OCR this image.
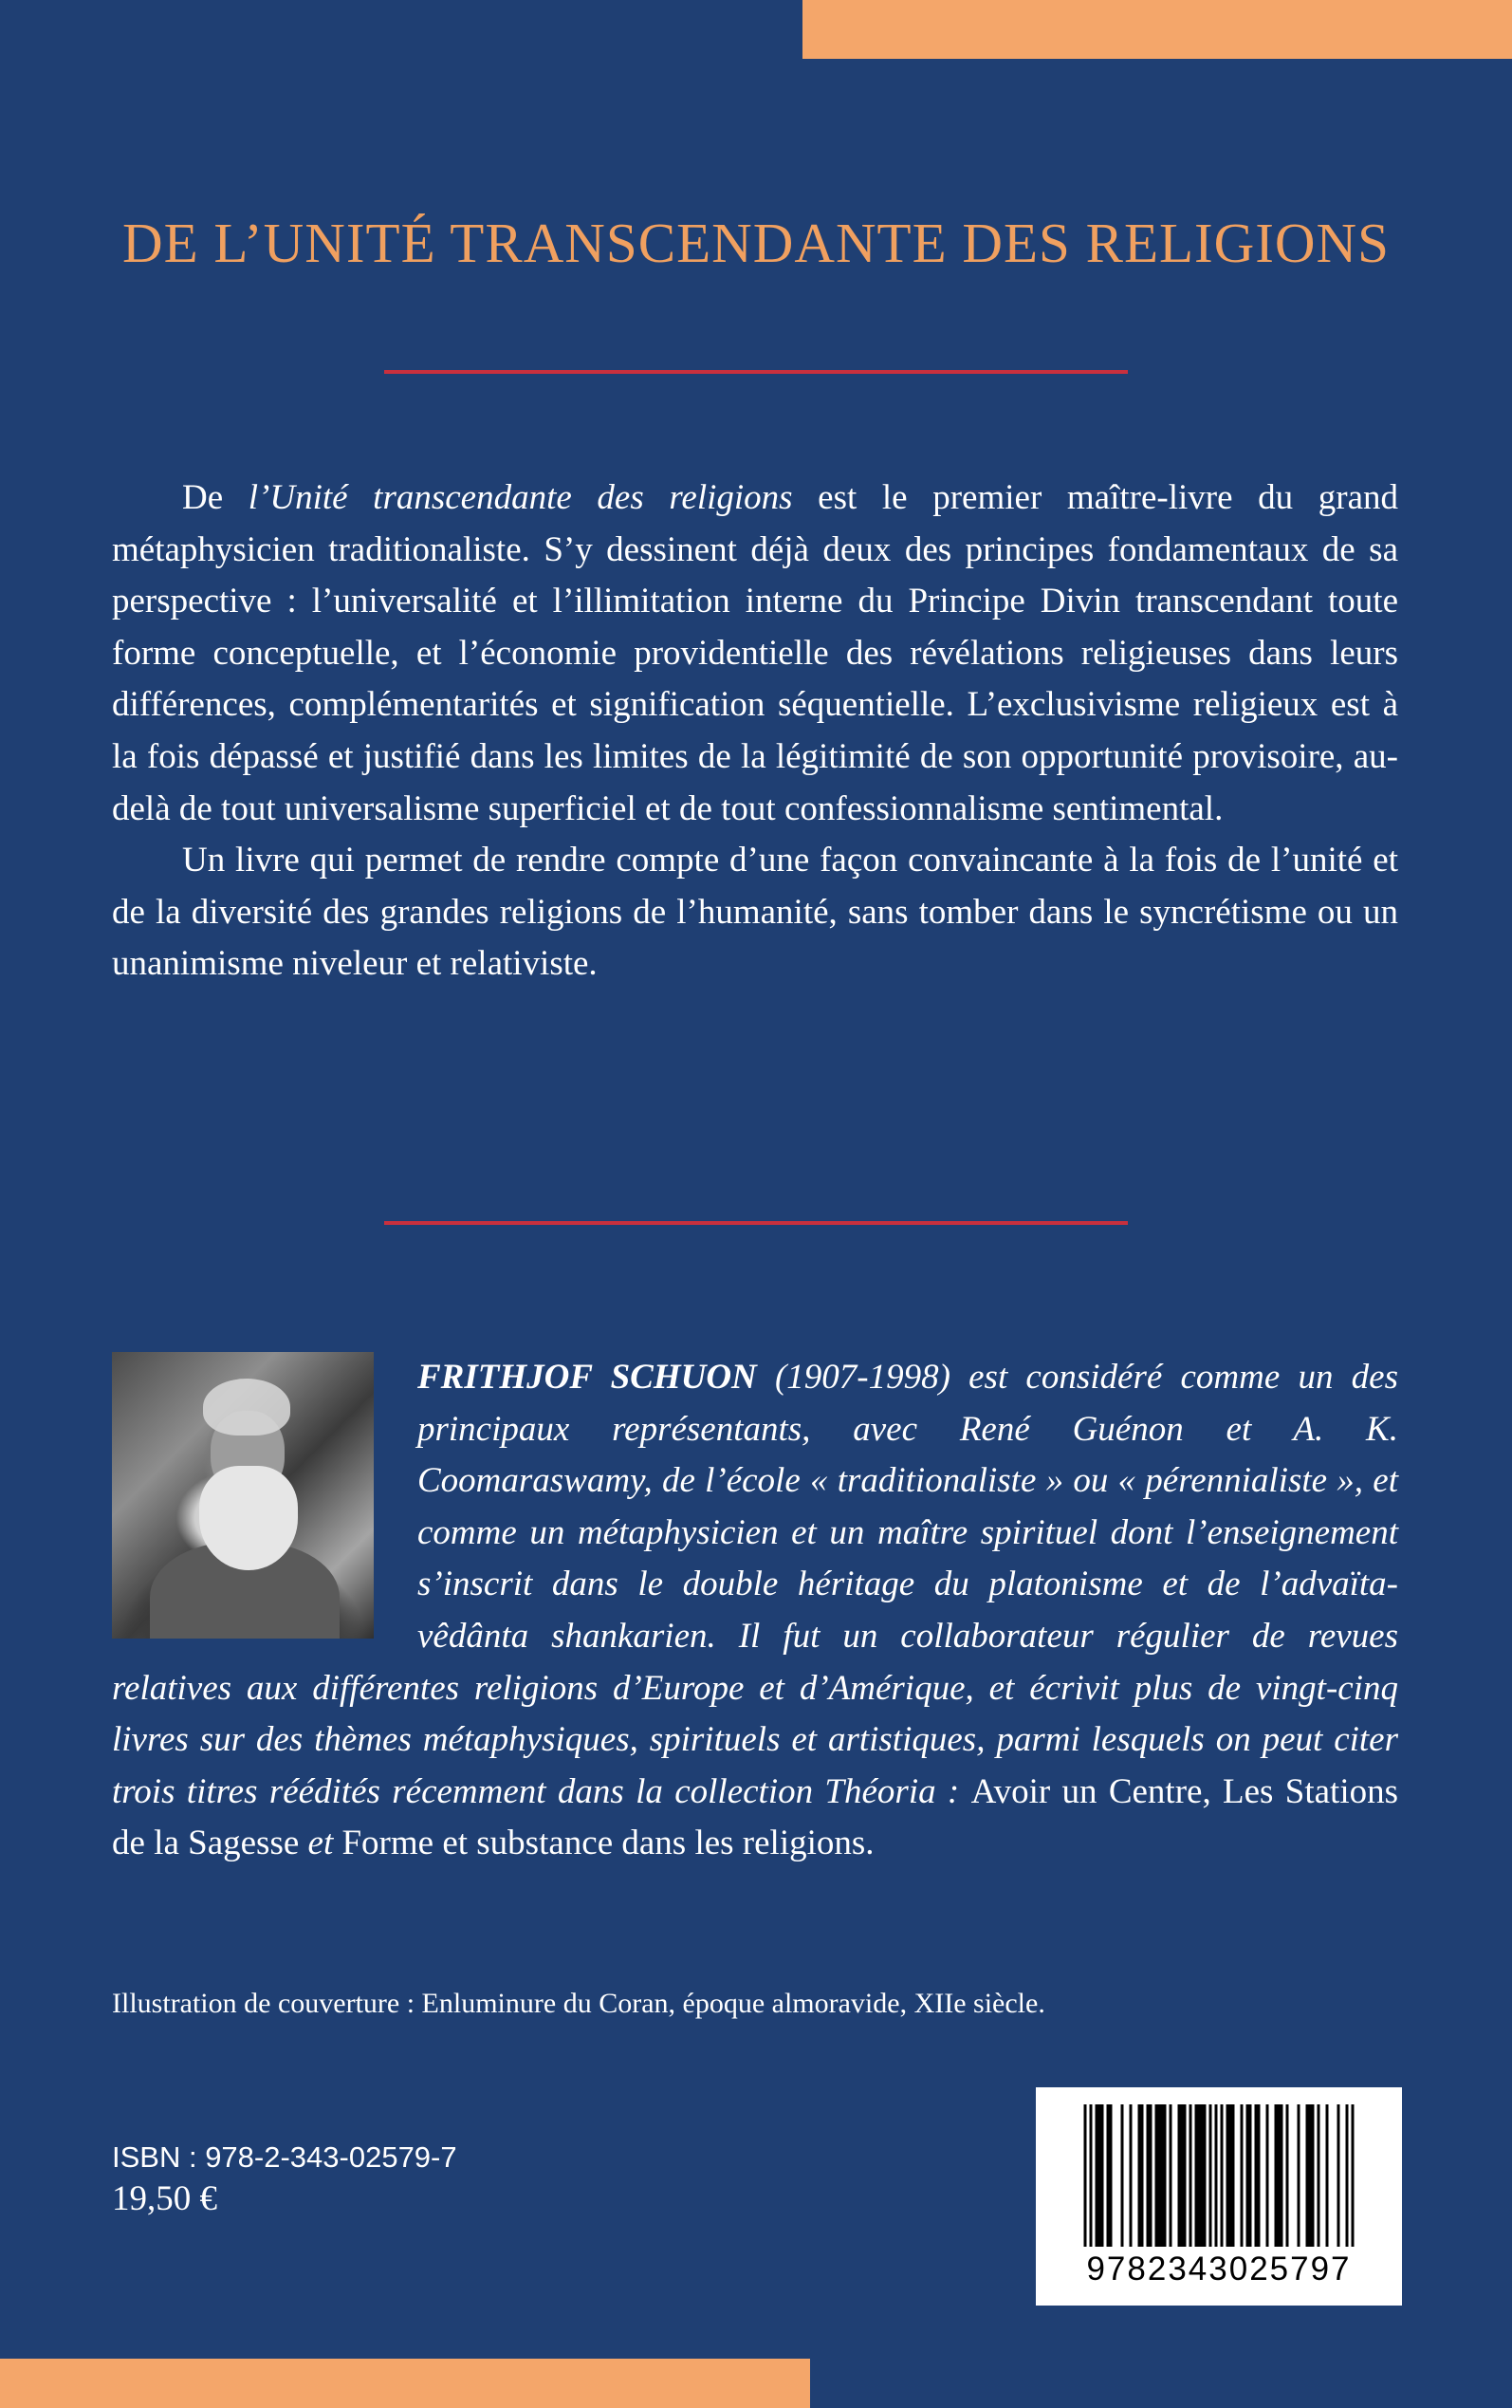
DE L’UNITÉ TRANSCENDANTE DES RELIGIONS

De l’Unité transcendante des religions est le premier maître-livre du grand métaphysicien traditionaliste. S’y dessinent déjà deux des principes fondamentaux de sa perspective : l’universalité et l’illimitation interne du Principe Divin transcendant toute forme conceptuelle, et l’économie providentielle des révélations religieuses dans leurs différences, complémentarités et signification séquentielle. L’exclusivisme religieux est à la fois dépassé et justifié dans les limites de la légitimité de son opportunité provisoire, au-delà de tout universalisme superficiel et de tout confessionnalisme sentimental.

Un livre qui permet de rendre compte d’une façon convaincante à la fois de l’unité et de la diversité des grandes religions de l’humanité, sans tomber dans le syncrétisme ou un unanimisme niveleur et relativiste.

FRITHJOF SCHUON (1907-1998) est considéré comme un des principaux représentants, avec René Guénon et A. K. Coomaraswamy, de l’école « traditionaliste » ou « pérennialiste », et comme un métaphysicien et un maître spirituel dont l’enseignement s’inscrit dans le double héritage du platonisme et de l’advaïta-vêdânta shankarien. Il fut un collaborateur régulier de revues relatives aux différentes religions d’Europe et d’Amérique, et écrivit plus de vingt-cinq livres sur des thèmes métaphysiques, spirituels et artistiques, parmi lesquels on peut citer trois titres réédités récemment dans la collection Théoria : Avoir un Centre, Les Stations de la Sagesse et Forme et substance dans les religions.
Illustration de couverture : Enluminure du Coran, époque almoravide, XIIe siècle.
ISBN : 978-2-343-02579-7
19,50 €
9782343025797
